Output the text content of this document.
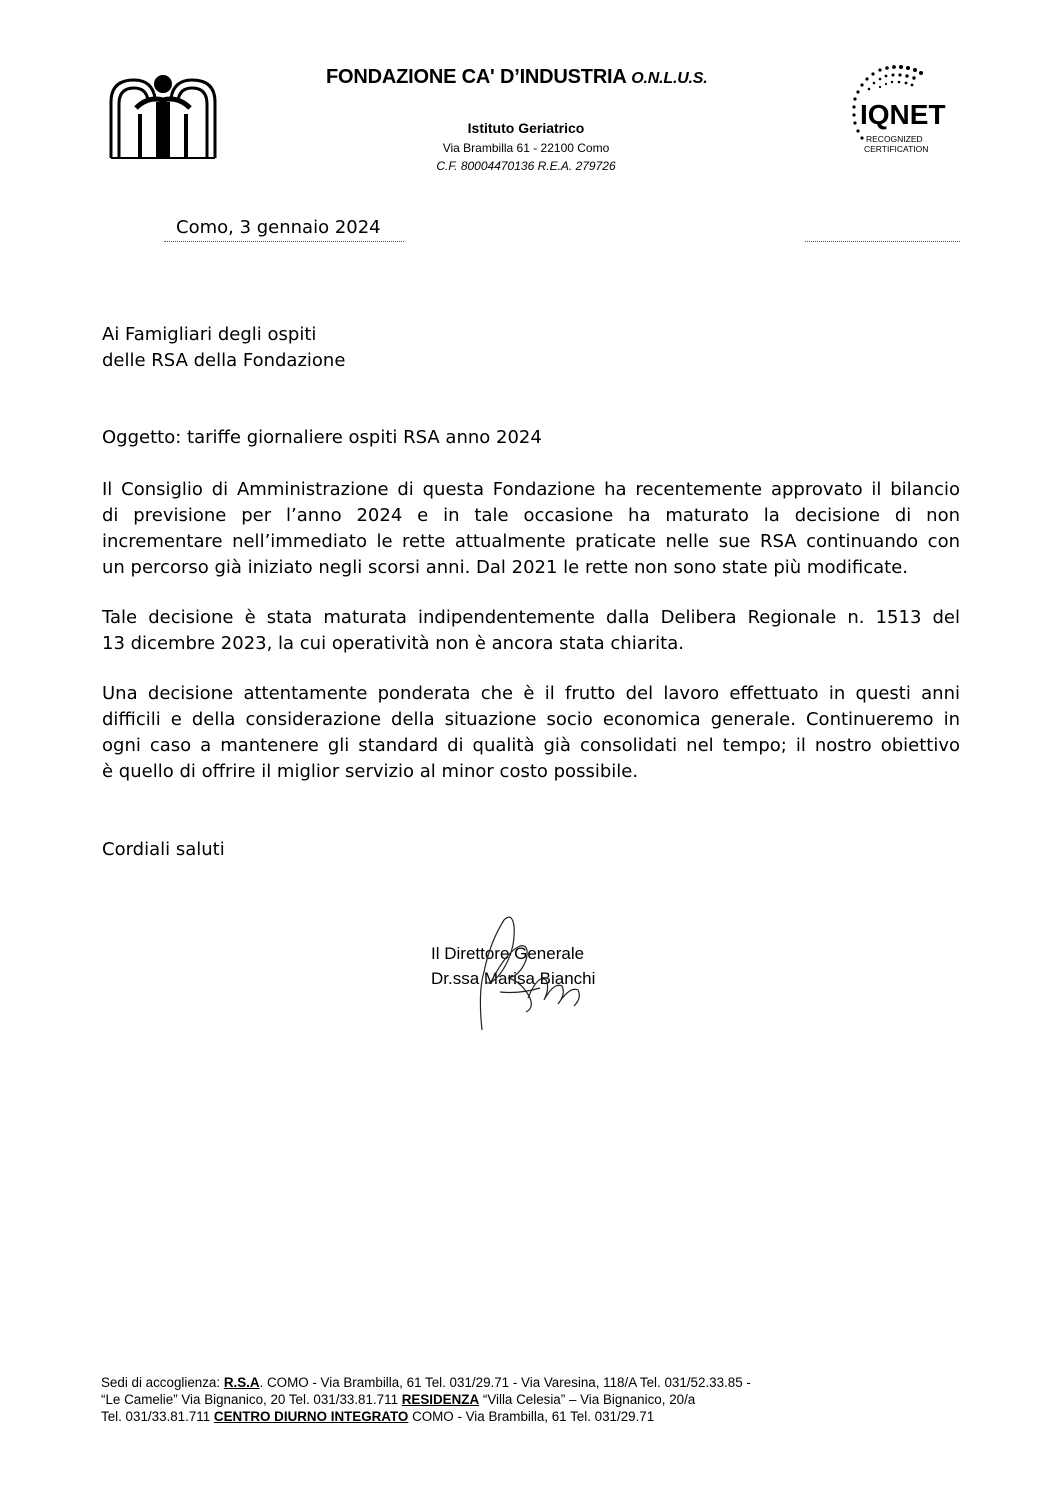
FONDAZIONE CA' D’INDUSTRIA O.N.L.U.S.
Istituto Geriatrico
Via Brambilla 61 - 22100 Como
C.F. 80004470136 R.E.A. 279726
IQNET
RECOGNIZED
CERTIFICATION
Como, 3 gennaio 2024
Ai Famigliari degli ospiti
delle RSA della Fondazione
Oggetto: tariffe giornaliere ospiti RSA anno 2024
Il Consiglio di Amministrazione di questa Fondazione ha recentemente approvato il bilancio
di previsione per l’anno 2024 e in tale occasione ha maturato la decisione di non
incrementare nell’immediato le rette attualmente praticate nelle sue RSA continuando con
un percorso già iniziato negli scorsi anni. Dal 2021 le rette non sono state più modificate.
Tale decisione è stata maturata indipendentemente dalla Delibera Regionale n. 1513 del
13 dicembre 2023, la cui operatività non è ancora stata chiarita.
Una decisione attentamente ponderata che è il frutto del lavoro effettuato in questi anni
difficili e della considerazione della situazione socio economica generale. Continueremo in
ogni caso a mantenere gli standard di qualità già consolidati nel tempo; il nostro obiettivo
è quello di offrire il miglior servizio al minor costo possibile.
Cordiali saluti
Il Direttore Generale
Dr.ssa Marisa Bianchi
Sedi di accoglienza: R.S.A. COMO - Via Brambilla, 61 Tel. 031/29.71 - Via Varesina, 118/A Tel. 031/52.33.85 -
“Le Camelie” Via Bignanico, 20 Tel. 031/33.81.711 RESIDENZA “Villa Celesia” – Via Bignanico, 20/a
Tel. 031/33.81.711 CENTRO DIURNO INTEGRATO COMO - Via Brambilla, 61 Tel. 031/29.71
